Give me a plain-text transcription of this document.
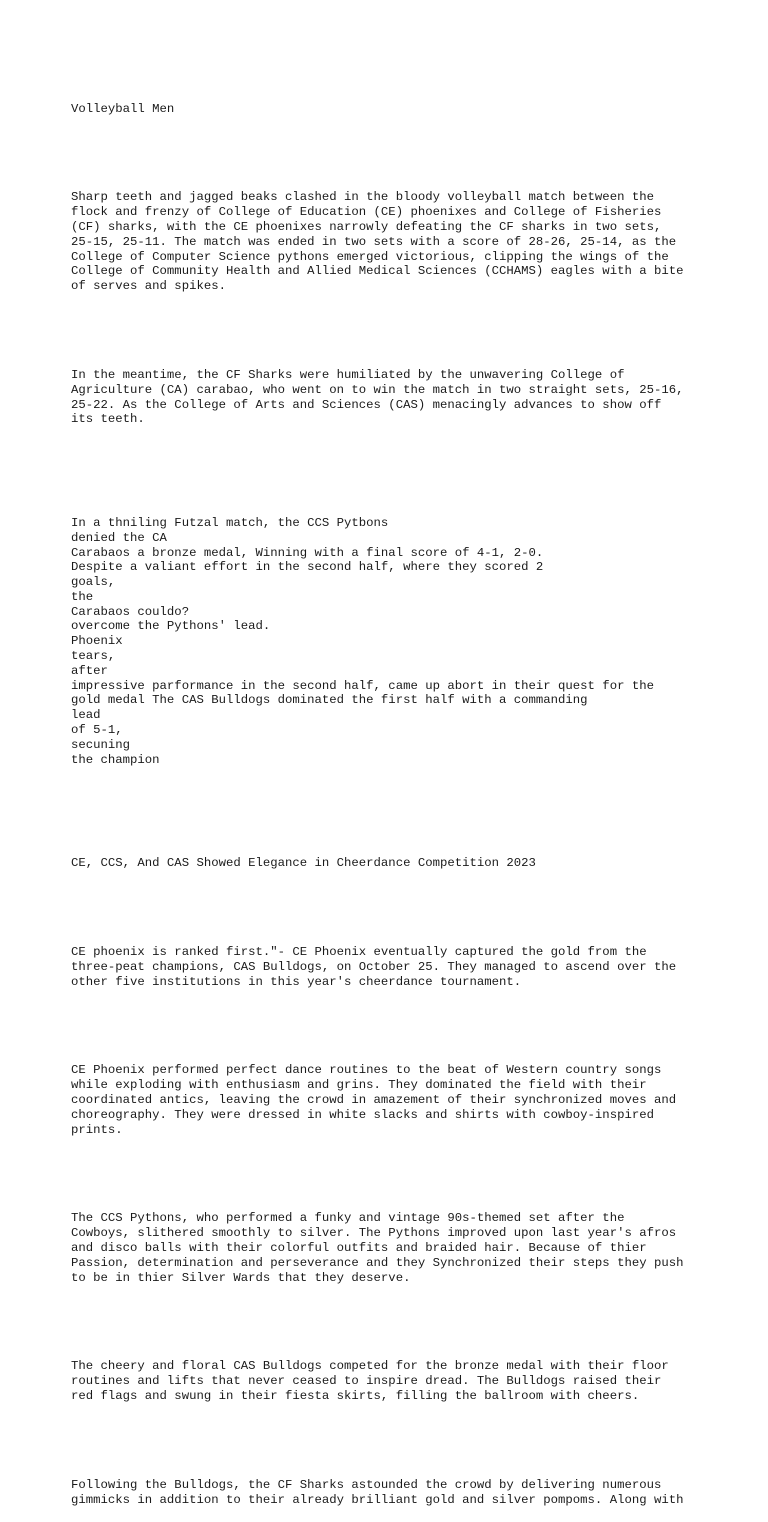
Volleyball Men

Sharp teeth and jagged beaks clashed in the bloody volleyball match between the
flock and frenzy of College of Education (CE) phoenixes and College of Fisheries
(CF) sharks, with the CE phoenixes narrowly defeating the CF sharks in two sets,
25-15, 25-11. The match was ended in two sets with a score of 28-26, 25-14, as the
College of Computer Science pythons emerged victorious, clipping the wings of the
College of Community Health and Allied Medical Sciences (CCHAMS) eagles with a bite
of serves and spikes.

In the meantime, the CF Sharks were humiliated by the unwavering College of
Agriculture (CA) carabao, who went on to win the match in two straight sets, 25-16,
25-22. As the College of Arts and Sciences (CAS) menacingly advances to show off
its teeth.

In a thniling Futzal match, the CCS Pytbons
denied the CA
Carabaos a bronze medal, Winning with a final score of 4-1, 2-0.
Despite a valiant effort in the second half, where they scored 2
goals,
the
Carabaos couldo?
overcome the Pythons' lead.
Phoenix
tears,
after
impressive parformance in the second half, came up abort in their quest for the
gold medal The CAS Bulldogs dominated the first half with a commanding
lead
of 5-1,
secuning
the champion

CE, CCS, And CAS Showed Elegance in Cheerdance Competition 2023

CE phoenix is ranked first."- CE Phoenix eventually captured the gold from the
three-peat champions, CAS Bulldogs, on October 25. They managed to ascend over the
other five institutions in this year's cheerdance tournament.

CE Phoenix performed perfect dance routines to the beat of Western country songs
while exploding with enthusiasm and grins. They dominated the field with their
coordinated antics, leaving the crowd in amazement of their synchronized moves and
choreography. They were dressed in white slacks and shirts with cowboy-inspired
prints.

The CCS Pythons, who performed a funky and vintage 90s-themed set after the
Cowboys, slithered smoothly to silver. The Pythons improved upon last year's afros
and disco balls with their colorful outfits and braided hair. Because of thier
Passion, determination and perseverance and they Synchronized their steps they push
to be in thier Silver Wards that they deserve.

The cheery and floral CAS Bulldogs competed for the bronze medal with their floor
routines and lifts that never ceased to inspire dread. The Bulldogs raised their
red flags and swung in their fiesta skirts, filling the ballroom with cheers.

Following the Bulldogs, the CF Sharks astounded the crowd by delivering numerous
gimmicks in addition to their already brilliant gold and silver pompoms. Along with
